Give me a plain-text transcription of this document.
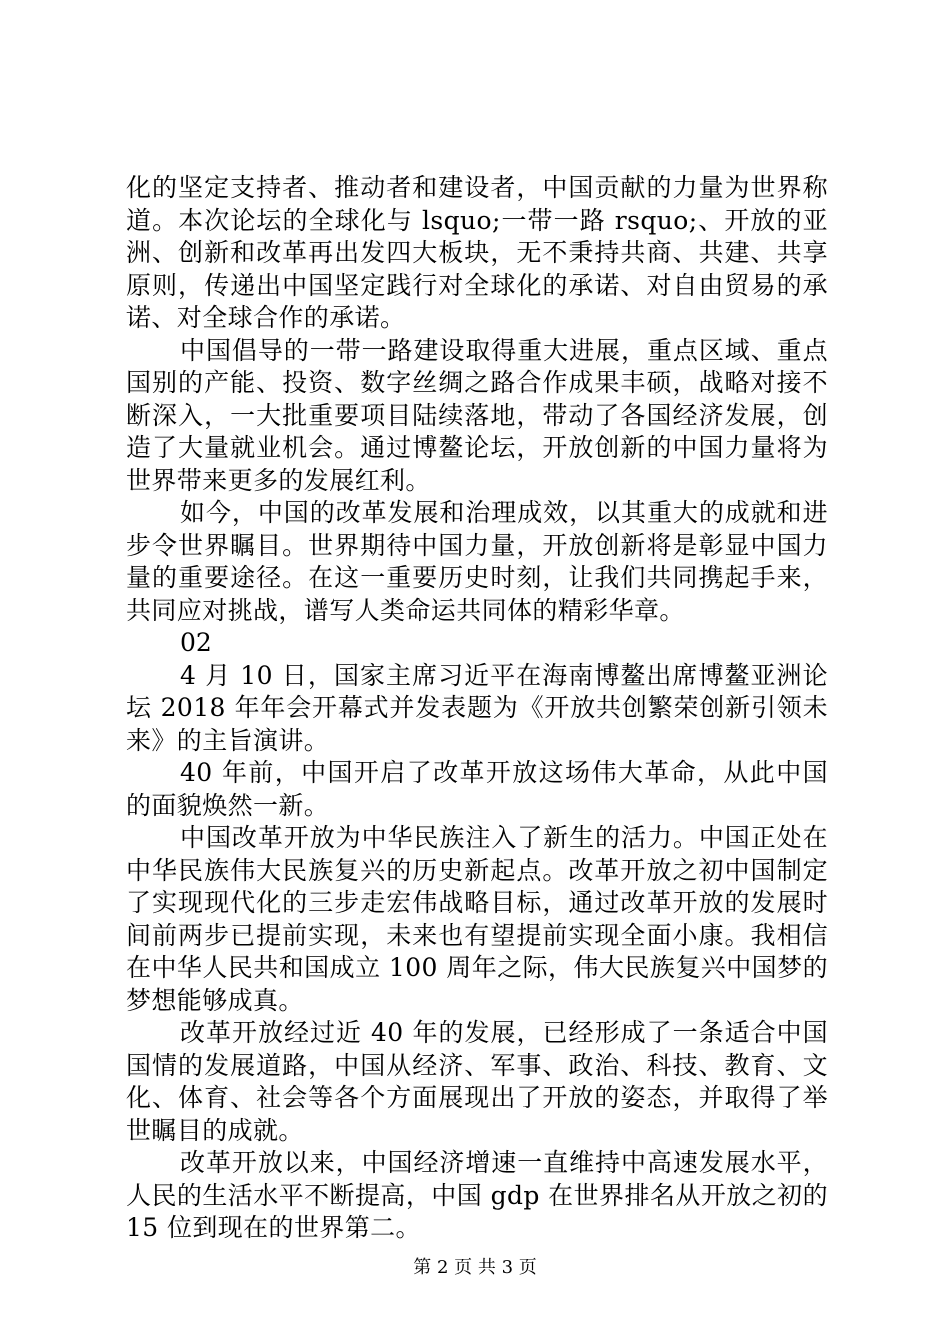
化的坚定支持者、推动者和建设者，中国贡献的力量为世界称道。本次论坛的全球化与 lsquo;一带一路 rsquo;、开放的亚洲、创新和改革再出发四大板块，无不秉持共商、共建、共享原则，传递出中国坚定践行对全球化的承诺、对自由贸易的承诺、对全球合作的承诺。

中国倡导的一带一路建设取得重大进展，重点区域、重点国别的产能、投资、数字丝绸之路合作成果丰硕，战略对接不断深入，一大批重要项目陆续落地，带动了各国经济发展，创造了大量就业机会。通过博鳌论坛，开放创新的中国力量将为世界带来更多的发展红利。

如今，中国的改革发展和治理成效，以其重大的成就和进步令世界瞩目。世界期待中国力量，开放创新将是彰显中国力量的重要途径。在这一重要历史时刻，让我们共同携起手来，共同应对挑战，谱写人类命运共同体的精彩华章。

02

4 月 10 日，国家主席习近平在海南博鳌出席博鳌亚洲论坛 2018 年年会开幕式并发表题为《开放共创繁荣创新引领未来》的主旨演讲。

40 年前，中国开启了改革开放这场伟大革命，从此中国的面貌焕然一新。

中国改革开放为中华民族注入了新生的活力。中国正处在中华民族伟大民族复兴的历史新起点。改革开放之初中国制定了实现现代化的三步走宏伟战略目标，通过改革开放的发展时间前两步已提前实现，未来也有望提前实现全面小康。我相信在中华人民共和国成立 100 周年之际，伟大民族复兴中国梦的梦想能够成真。

改革开放经过近 40 年的发展，已经形成了一条适合中国国情的发展道路，中国从经济、军事、政治、科技、教育、文化、体育、社会等各个方面展现出了开放的姿态，并取得了举世瞩目的成就。

改革开放以来，中国经济增速一直维持中高速发展水平，人民的生活水平不断提高，中国 gdp 在世界排名从开放之初的 15 位到现在的世界第二。

第 2 页 共 3 页
